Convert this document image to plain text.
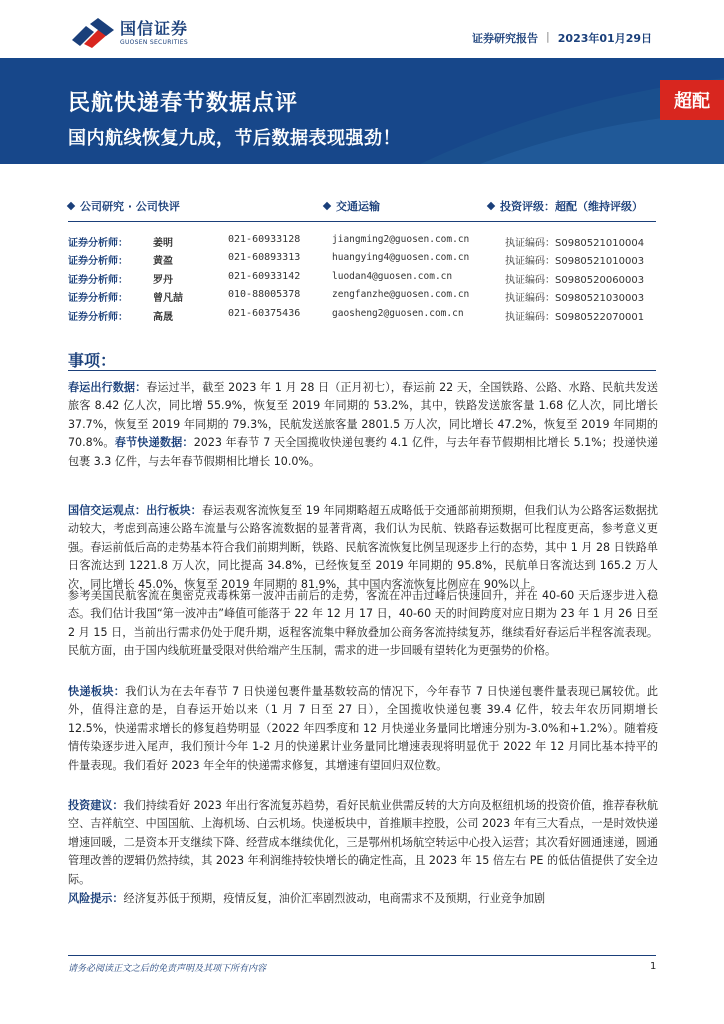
国信证券
GUOSEN SECURITIES	证券研究报告 | 2023年01月29日
民航快递春节数据点评
国内航线恢复九成，节后数据表现强劲！
超配
公司研究 · 公司快评	交通运输	投资评级：超配（维持评级）
证券分析师：	姜明	021-60933128	jiangming2@guosen.com.cn	执证编码：S0980521010004
证券分析师：	黄盈	021-60893313	huangying4@guosen.com.cn	执证编码：S0980521010003
证券分析师：	罗丹	021-60933142	luodan4@guosen.com.cn	执证编码：S0980520060003
证券分析师：	曾凡喆	010-88005378	zengfanzhe@guosen.com.cn	执证编码：S0980521030003
证券分析师：	高晟	021-60375436	gaosheng2@guosen.com.cn	执证编码：S0980522070001
事项：
春运出行数据：春运过半，截至 2023 年 1 月 28 日（正月初七），春运前 22 天，全国铁路、公路、水路、民航共发送旅客 8.42 亿人次，同比增 55.9%，恢复至 2019 年同期的 53.2%，其中，铁路发送旅客量 1.68 亿人次，同比增长 37.7%，恢复至 2019 年同期的 79.3%，民航发送旅客量 2801.5 万人次，同比增长 47.2%，恢复至 2019 年同期的 70.8%。春节快递数据：2023 年春节 7 天全国揽收快递包裹约 4.1 亿件，与去年春节假期相比增长 5.1%；投递快递包裹 3.3 亿件，与去年春节假期相比增长 10.0%。
国信交运观点：出行板块：春运表观客流恢复至 19 年同期略超五成略低于交通部前期预期，但我们认为公路客运数据扰动较大，考虑到高速公路车流量与公路客流数据的显著背离，我们认为民航、铁路春运数据可比程度更高，参考意义更强。春运前低后高的走势基本符合我们前期判断，铁路、民航客流恢复比例呈现逐步上行的态势，其中 1 月 28 日铁路单日客流达到 1221.8 万人次，同比提高 34.8%，已经恢复至 2019 年同期的 95.8%，民航单日客流达到 165.2 万人次，同比增长 45.0%，恢复至 2019 年同期的 81.9%，其中国内客流恢复比例应在 90%以上。
参考美国民航客流在奥密克戎毒株第一波冲击前后的走势，客流在冲击过峰后快速回升，并在 40-60 天后逐步进入稳态。我们估计我国“第一波冲击”峰值可能落于 22 年 12 月 17 日，40-60 天的时间跨度对应日期为 23 年 1 月 26 日至 2 月 15 日，当前出行需求仍处于爬升期，返程客流集中释放叠加公商务客流持续复苏，继续看好春运后半程客流表现。民航方面，由于国内线航班量受限对供给端产生压制，需求的进一步回暖有望转化为更强势的价格。
快递板块：我们认为在去年春节 7 日快递包裹件量基数较高的情况下，今年春节 7 日快递包裹件量表现已属较优。此外，值得注意的是，自春运开始以来（1 月 7 日至 27 日），全国揽收快递包裹 39.4 亿件，较去年农历同期增长 12.5%，快递需求增长的修复趋势明显（2022 年四季度和 12 月快递业务量同比增速分别为-3.0%和+1.2%）。随着疫情传染逐步进入尾声，我们预计今年 1-2 月的快递累计业务量同比增速表现将明显优于 2022 年 12 月同比基本持平的件量表现。我们看好 2023 年全年的快递需求修复，其增速有望回归双位数。
投资建议：我们持续看好 2023 年出行客流复苏趋势，看好民航业供需反转的大方向及枢纽机场的投资价值，推荐春秋航空、吉祥航空、中国国航、上海机场、白云机场。快递板块中，首推顺丰控股，公司 2023 年有三大看点，一是时效快递增速回暖，二是资本开支继续下降、经营成本继续优化，三是鄂州机场航空转运中心投入运营；其次看好圆通速递，圆通管理改善的逻辑仍然持续，其 2023 年利润维持较快增长的确定性高，且 2023 年 15 倍左右 PE 的低估值提供了安全边际。
风险提示：经济复苏低于预期，疫情反复，油价汇率剧烈波动，电商需求不及预期，行业竞争加剧
请务必阅读正文之后的免责声明及其项下所有内容	1
